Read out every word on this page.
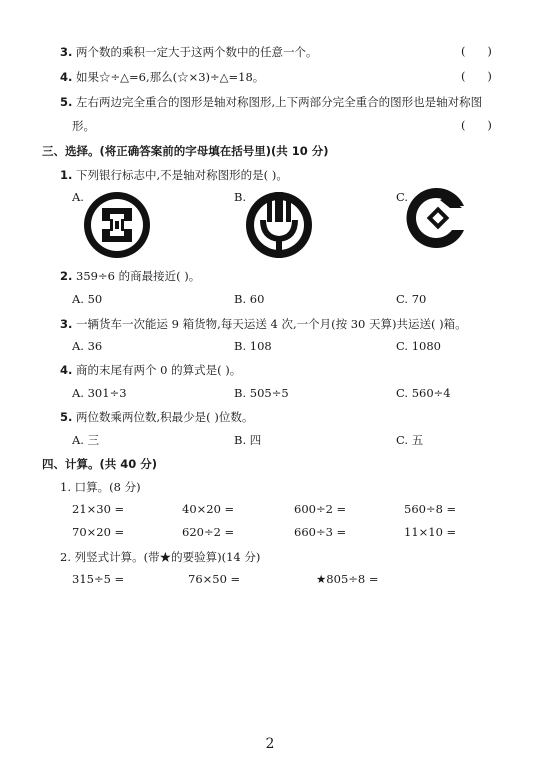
3. 两个数的乘积一定大于这两个数中的任意一个。	(      )
4. 如果☆÷△=6,那么(☆×3)÷△=18。	(      )
5. 左右两边完全重合的图形是轴对称图形,上下两部分完全重合的图形也是轴对称图
形。	(      )
三、选择。(将正确答案前的字母填在括号里)(共 10 分)
1. 下列银行标志中,不是轴对称图形的是( )。
A.	B.	C.
2. 359÷6 的商最接近( )。
A. 50	B. 60	C. 70
3. 一辆货车一次能运 9 箱货物,每天运送 4 次,一个月(按 30 天算)共运送( )箱。
A. 36	B. 108	C. 1080
4. 商的末尾有两个 0 的算式是( )。
A. 301÷3	B. 505÷5	C. 560÷4
5. 两位数乘两位数,积最少是( )位数。
A. 三	B. 四	C. 五
四、计算。(共 40 分)
1. 口算。(8 分)
21×30 =	40×20 =	600÷2 =	560÷8 =
70×20 =	620÷2 =	660÷3 =	11×10 =
2. 列竖式计算。(带★的要验算)(14 分)
315÷5 =	76×50 =	★805÷8 =
2
